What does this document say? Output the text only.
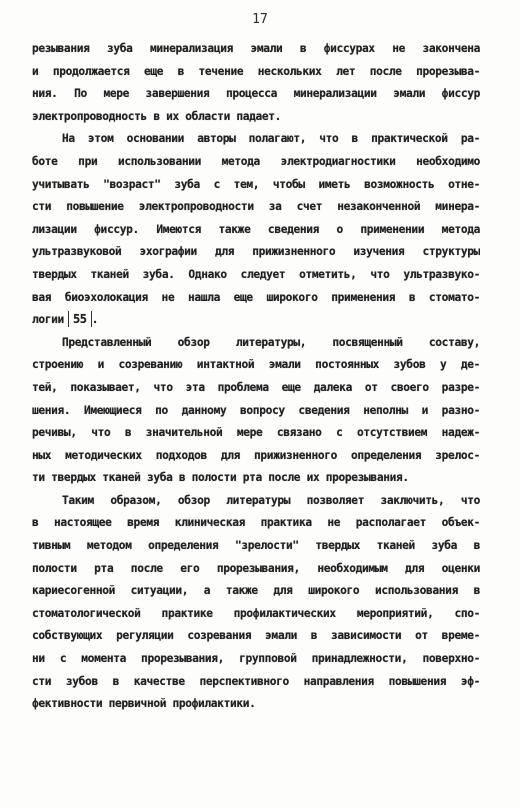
17
резывания зуба минерализация эмали в фиссурах не закончена
и продолжается еще в течение нескольких лет после прорезыва-
ния. По мере завершения процесса минерализации эмали фиссур
электропроводность в их области падает.
На этом основании авторы полагают, что в практической ра-
боте при использовании метода электродиагностики необходимо
учитывать "возраст" зуба с тем, чтобы иметь возможность отне-
сти повышение электропроводности за счет незаконченной минера-
лизации фиссур. Имеются также сведения о применении метода
ультразвуковой эхографии для прижизненного изучения структуры
твердых тканей зуба. Однако следует отметить, что ультразвуко-
вая биоэхолокация не нашла еще широкого применения в стомато-
логии 55 .
Представленный обзор литературы, посвященный составу,
строению и созреванию интактной эмали постоянных зубов у де-
тей, показывает, что эта проблема еще далека от своего разре-
шения. Имеющиеся по данному вопросу сведения неполны и разно-
речивы, что в значительной мере связано с отсутствием надеж-
ных методических подходов для прижизненного определения зрелос-
ти твердых тканей зуба в полости рта после их прорезывания.
Таким образом, обзор литературы позволяет заключить, что
в настоящее время клиническая практика не располагает объек-
тивным методом определения "зрелости" твердых тканей зуба в
полости рта после его прорезывания, необходимым для оценки
кариесогенной ситуации, а также для широкого использования в
стоматологической практике профилактических мероприятий, спо-
собствующих регуляции созревания эмали в зависимости от време-
ни с момента прорезывания, групповой принадлежности, поверхно-
сти зубов в качестве перспективного направления повышения эф-
фективности первичной профилактики.
